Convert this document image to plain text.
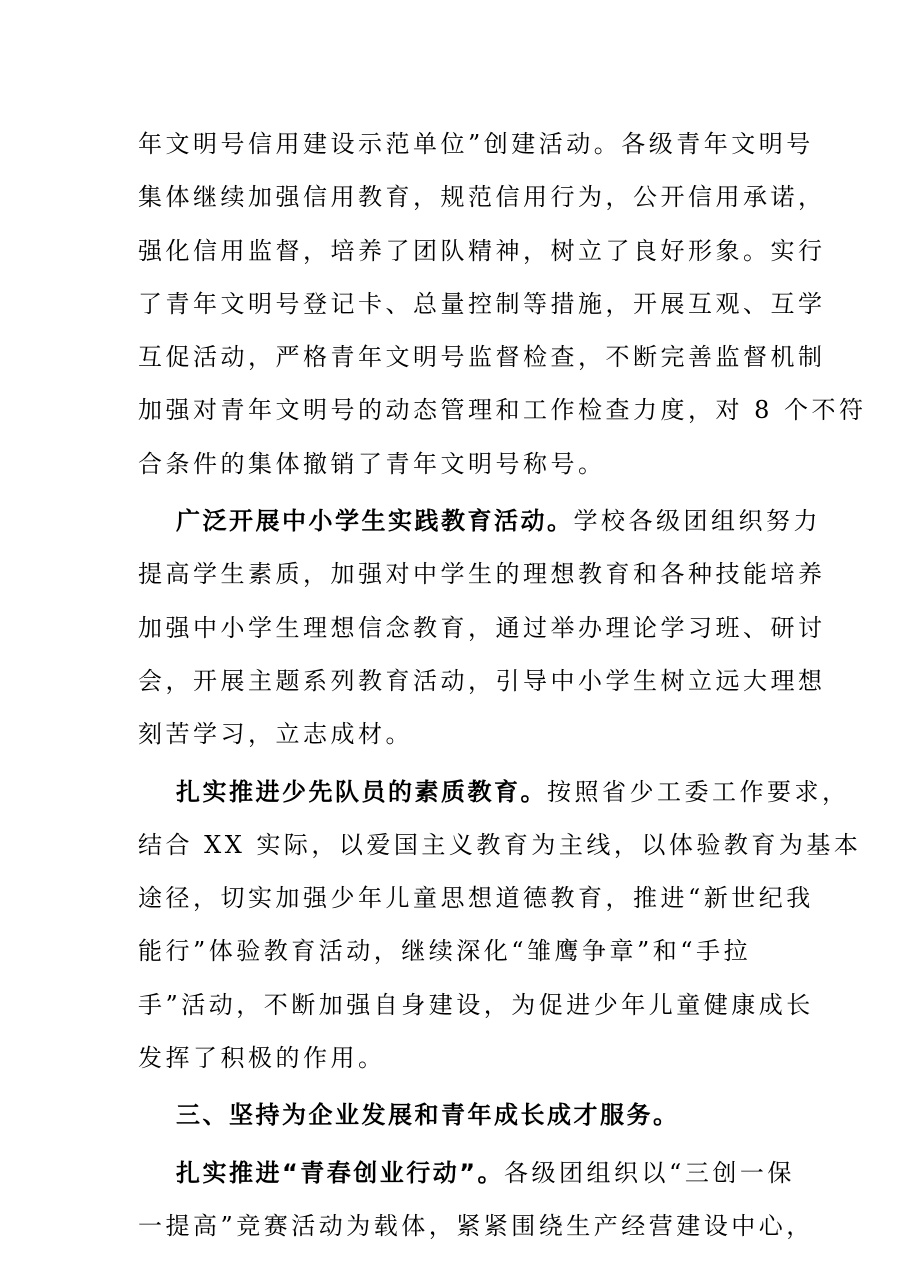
年文明号信用建设示范单位”创建活动。各级青年文明号
集体继续加强信用教育，规范信用行为，公开信用承诺，
强化信用监督，培养了团队精神，树立了良好形象。实行
了青年文明号登记卡、总量控制等措施，开展互观、互学
互促活动，严格青年文明号监督检查，不断完善监督机制
加强对青年文明号的动态管理和工作检查力度，对 8 个不符
合条件的集体撤销了青年文明号称号。
广泛开展中小学生实践教育活动。学校各级团组织努力
提高学生素质，加强对中学生的理想教育和各种技能培养
加强中小学生理想信念教育，通过举办理论学习班、研讨
会，开展主题系列教育活动，引导中小学生树立远大理想
刻苦学习，立志成材。
扎实推进少先队员的素质教育。按照省少工委工作要求，
结合 XX 实际，以爱国主义教育为主线，以体验教育为基本
途径，切实加强少年儿童思想道德教育，推进“新世纪我
能行”体验教育活动，继续深化“雏鹰争章”和“手拉
手”活动，不断加强自身建设，为促进少年儿童健康成长
发挥了积极的作用。
三、坚持为企业发展和青年成长成才服务。
扎实推进“青春创业行动”。各级团组织以“三创一保
一提高”竞赛活动为载体，紧紧围绕生产经营建设中心，
